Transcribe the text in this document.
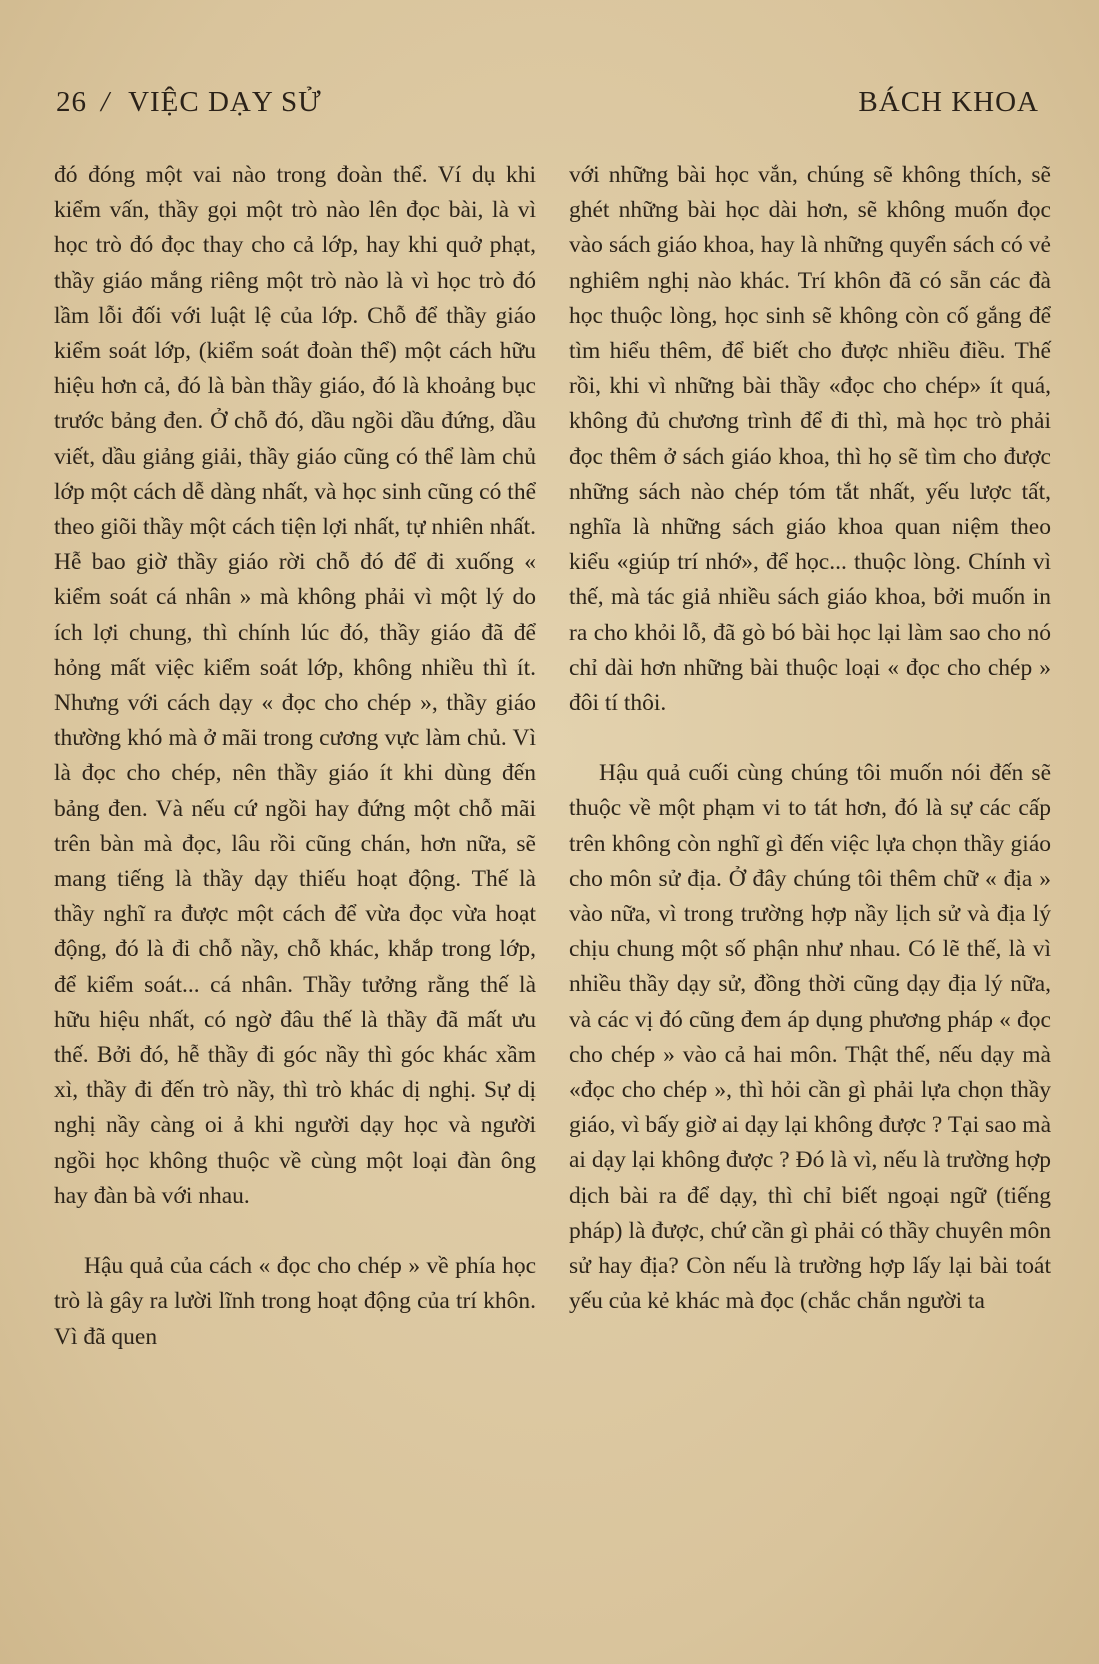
26 / VIỆC DẠY SỬ	BÁCH KHOA

đó đóng một vai nào trong đoàn thể. Ví dụ khi kiểm vấn, thầy gọi một trò nào lên đọc bài, là vì học trò đó đọc thay cho cả lớp, hay khi quở phạt, thầy giáo mắng riêng một trò nào là vì học trò đó lầm lỗi đối với luật lệ của lớp. Chỗ để thầy giáo kiểm soát lớp, (kiểm soát đoàn thể) một cách hữu hiệu hơn cả, đó là bàn thầy giáo, đó là khoảng bục trước bảng đen. Ở chỗ đó, dầu ngồi dầu đứng, dầu viết, dầu giảng giải, thầy giáo cũng có thể làm chủ lớp một cách dễ dàng nhất, và học sinh cũng có thể theo giõi thầy một cách tiện lợi nhất, tự nhiên nhất. Hễ bao giờ thầy giáo rời chỗ đó để đi xuống « kiểm soát cá nhân » mà không phải vì một lý do ích lợi chung, thì chính lúc đó, thầy giáo đã để hỏng mất việc kiểm soát lớp, không nhiều thì ít. Nhưng với cách dạy « đọc cho chép », thầy giáo thường khó mà ở mãi trong cương vực làm chủ. Vì là đọc cho chép, nên thầy giáo ít khi dùng đến bảng đen. Và nếu cứ ngồi hay đứng một chỗ mãi trên bàn mà đọc, lâu rồi cũng chán, hơn nữa, sẽ mang tiếng là thầy dạy thiếu hoạt động. Thế là thầy nghĩ ra được một cách để vừa đọc vừa hoạt động, đó là đi chỗ nầy, chỗ khác, khắp trong lớp, để kiểm soát... cá nhân. Thầy tưởng rằng thế là hữu hiệu nhất, có ngờ đâu thế là thầy đã mất ưu thế. Bởi đó, hễ thầy đi góc nầy thì góc khác xầm xì, thầy đi đến trò nầy, thì trò khác dị nghị. Sự dị nghị nầy càng oi ả khi người dạy học và người ngồi học không thuộc về cùng một loại đàn ông hay đàn bà với nhau.

Hậu quả của cách « đọc cho chép » về phía học trò là gây ra lười lĩnh trong hoạt động của trí khôn. Vì đã quen

với những bài học vắn, chúng sẽ không thích, sẽ ghét những bài học dài hơn, sẽ không muốn đọc vào sách giáo khoa, hay là những quyển sách có vẻ nghiêm nghị nào khác. Trí khôn đã có sẵn các đà học thuộc lòng, học sinh sẽ không còn cố gắng để tìm hiểu thêm, để biết cho được nhiều điều. Thế rồi, khi vì những bài thầy «đọc cho chép» ít quá, không đủ chương trình để đi thì, mà học trò phải đọc thêm ở sách giáo khoa, thì họ sẽ tìm cho được những sách nào chép tóm tắt nhất, yếu lược tất, nghĩa là những sách giáo khoa quan niệm theo kiểu «giúp trí nhớ», để học... thuộc lòng. Chính vì thế, mà tác giả nhiều sách giáo khoa, bởi muốn in ra cho khỏi lỗ, đã gò bó bài học lại làm sao cho nó chỉ dài hơn những bài thuộc loại « đọc cho chép » đôi tí thôi.

Hậu quả cuối cùng chúng tôi muốn nói đến sẽ thuộc về một phạm vi to tát hơn, đó là sự các cấp trên không còn nghĩ gì đến việc lựa chọn thầy giáo cho môn sử địa. Ở đây chúng tôi thêm chữ « địa » vào nữa, vì trong trường hợp nầy lịch sử và địa lý chịu chung một số phận như nhau. Có lẽ thế, là vì nhiều thầy dạy sử, đồng thời cũng dạy địa lý nữa, và các vị đó cũng đem áp dụng phương pháp « đọc cho chép » vào cả hai môn. Thật thế, nếu dạy mà «đọc cho chép », thì hỏi cần gì phải lựa chọn thầy giáo, vì bấy giờ ai dạy lại không được ? Tại sao mà ai dạy lại không được ? Đó là vì, nếu là trường hợp dịch bài ra để dạy, thì chỉ biết ngoại ngữ (tiếng pháp) là được, chứ cần gì phải có thầy chuyên môn sử hay địa? Còn nếu là trường hợp lấy lại bài toát yếu của kẻ khác mà đọc (chắc chắn người ta
